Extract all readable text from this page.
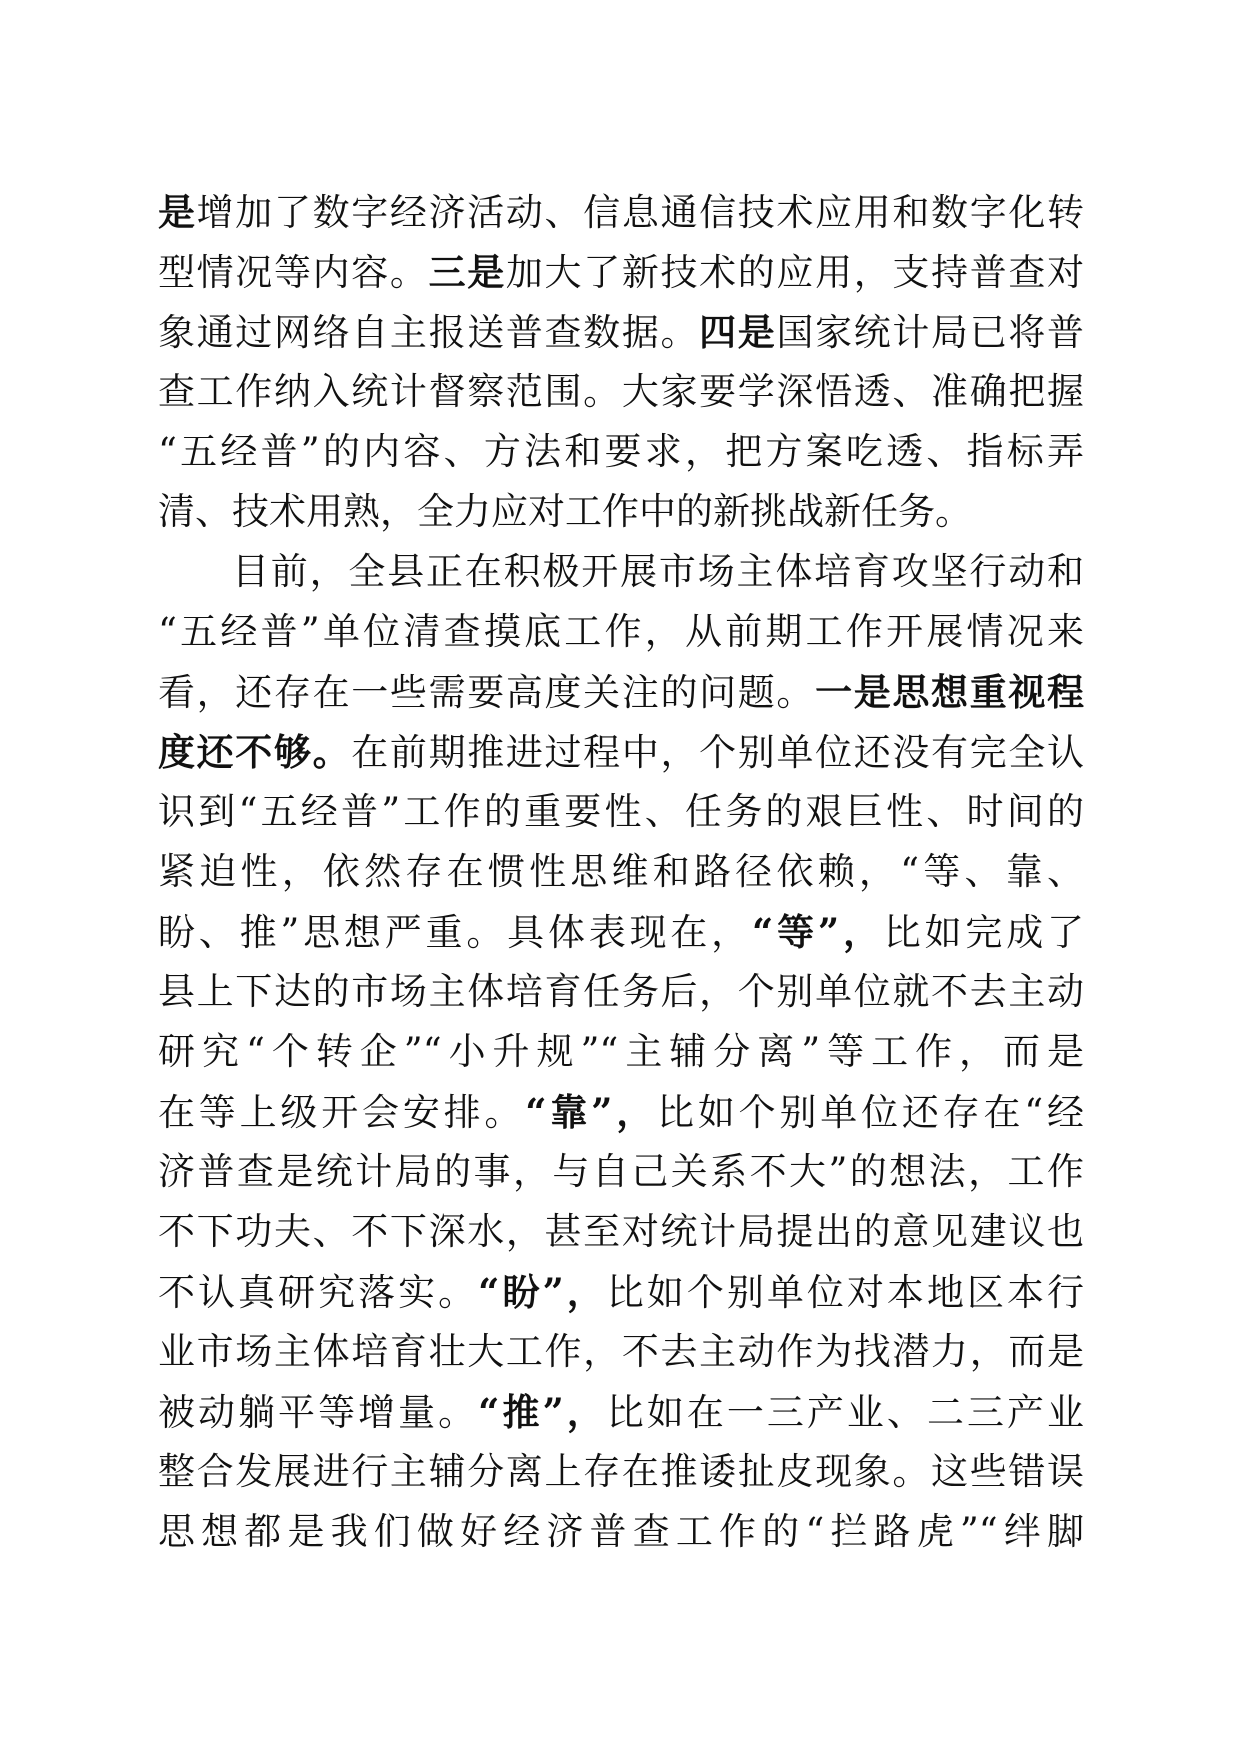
是增加了数字经济活动、信息通信技术应用和数字化转
型情况等内容。三是加大了新技术的应用，支持普查对
象通过网络自主报送普查数据。四是国家统计局已将普
查工作纳入统计督察范围。大家要学深悟透、准确把握
“五经普”的内容、方法和要求，把方案吃透、指标弄
清、技术用熟，全力应对工作中的新挑战新任务。
目前，全县正在积极开展市场主体培育攻坚行动和
“五经普”单位清查摸底工作，从前期工作开展情况来
看，还存在一些需要高度关注的问题。一是思想重视程
度还不够。在前期推进过程中，个别单位还没有完全认
识到“五经普”工作的重要性、任务的艰巨性、时间的
紧迫性，依然存在惯性思维和路径依赖，“等、靠、
盼、推”思想严重。具体表现在，“等”，比如完成了
县上下达的市场主体培育任务后，个别单位就不去主动
研究“个转企”“小升规”“主辅分离”等工作，而是
在等上级开会安排。“靠”，比如个别单位还存在“经
济普查是统计局的事，与自己关系不大”的想法，工作
不下功夫、不下深水，甚至对统计局提出的意见建议也
不认真研究落实。“盼”，比如个别单位对本地区本行
业市场主体培育壮大工作，不去主动作为找潜力，而是
被动躺平等增量。“推”，比如在一三产业、二三产业
整合发展进行主辅分离上存在推诿扯皮现象。这些错误
思想都是我们做好经济普查工作的“拦路虎”“绊脚
